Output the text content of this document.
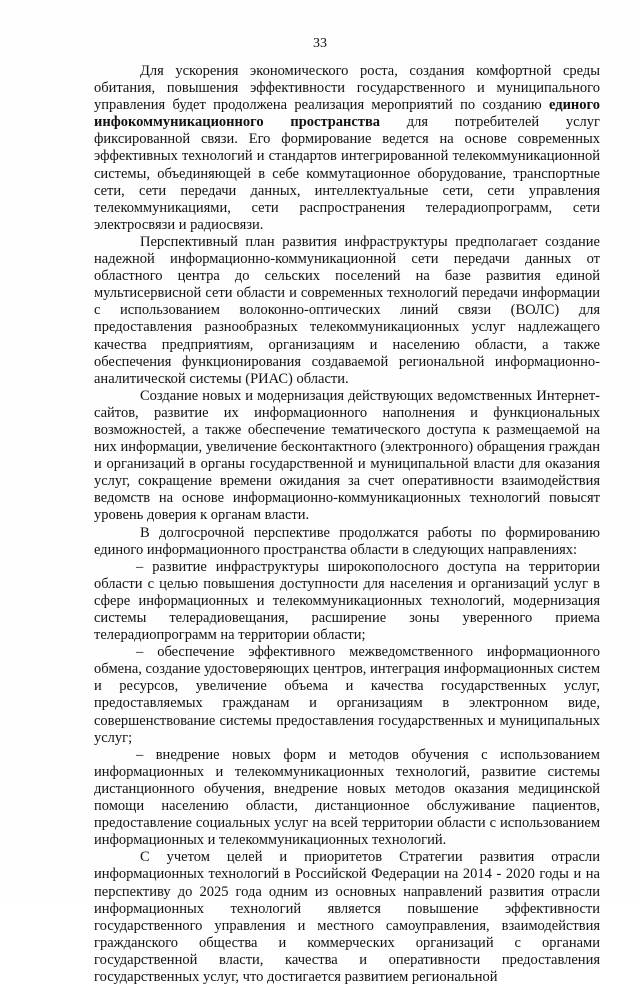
33

Для ускорения экономического роста, создания комфортной среды обитания, повышения эффективности государственного и муниципального управления будет продолжена реализация мероприятий по созданию единого инфокоммуникационного пространства для потребителей услуг фиксированной связи. Его формирование ведется на основе современных эффективных технологий и стандартов интегрированной телекоммуникационной системы, объединяющей в себе коммутационное оборудование, транспортные сети, сети передачи данных, интеллектуальные сети, сети управления телекоммуникациями, сети распространения телерадиопрограмм, сети электросвязи и радиосвязи.

Перспективный план развития инфраструктуры предполагает создание надежной информационно-коммуникационной сети передачи данных от областного центра до сельских поселений на базе развития единой мультисервисной сети области и современных технологий передачи информации с использованием волоконно-оптических линий связи (ВОЛС) для предоставления разнообразных телекоммуникационных услуг надлежащего качества предприятиям, организациям и населению области, а также обеспечения функционирования создаваемой региональной информационно-аналитической системы (РИАС) области.

Создание новых и модернизация действующих ведомственных Интернет-сайтов, развитие их информационного наполнения и функциональных возможностей, а также обеспечение тематического доступа к размещаемой на них информации, увеличение бесконтактного (электронного) обращения граждан и организаций в органы государственной и муниципальной власти для оказания услуг, сокращение времени ожидания за счет оперативности взаимодействия ведомств на основе информационно-коммуникационных технологий повысят уровень доверия к органам власти.

В долгосрочной перспективе продолжатся работы по формированию единого информационного пространства области в следующих направлениях:

– развитие инфраструктуры широкополосного доступа на территории области с целью повышения доступности для населения и организаций услуг в сфере информационных и телекоммуникационных технологий, модернизация системы телерадиовещания, расширение зоны уверенного приема телерадиопрограмм на территории области;

– обеспечение эффективного межведомственного информационного обмена, создание удостоверяющих центров, интеграция информационных систем и ресурсов, увеличение объема и качества государственных услуг, предоставляемых гражданам и организациям в электронном виде, совершенствование системы предоставления государственных и муниципальных услуг;

– внедрение новых форм и методов обучения с использованием информационных и телекоммуникационных технологий, развитие системы дистанционного обучения, внедрение новых методов оказания медицинской помощи населению области, дистанционное обслуживание пациентов, предоставление социальных услуг на всей территории области с использованием информационных и телекоммуникационных технологий.

С учетом целей и приоритетов Стратегии развития отрасли информационных технологий в Российской Федерации на 2014 - 2020 годы и на перспективу до 2025 года одним из основных направлений развития отрасли информационных технологий является повышение эффективности государственного управления и местного самоуправления, взаимодействия гражданского общества и коммерческих организаций с органами государственной власти, качества и оперативности предоставления государственных услуг, что достигается развитием региональной
